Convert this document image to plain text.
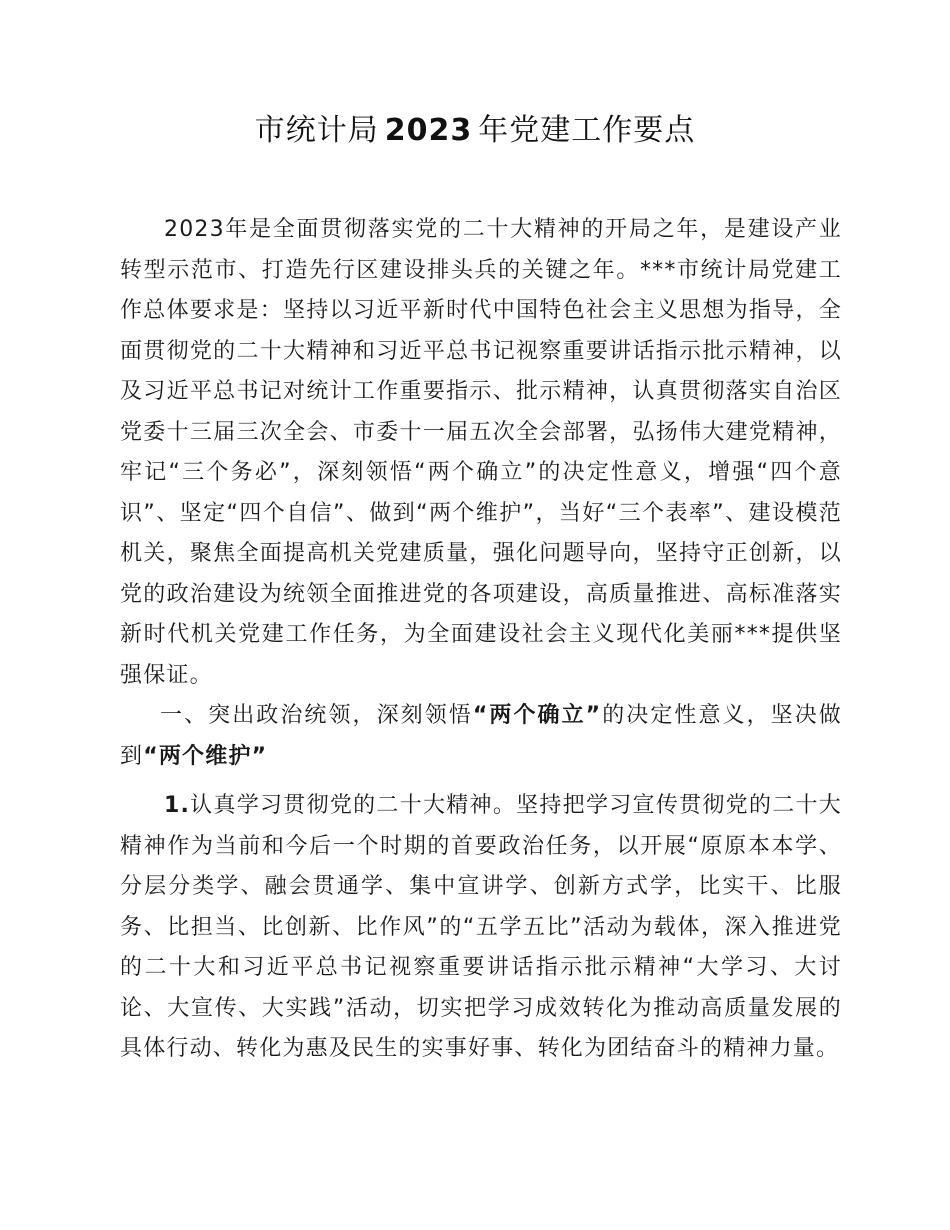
市统计局 2023 年党建工作要点

2023年是全面贯彻落实党的二十大精神的开局之年，是建设产业转型示范市、打造先行区建设排头兵的关键之年。***市统计局党建工作总体要求是：坚持以习近平新时代中国特色社会主义思想为指导，全面贯彻党的二十大精神和习近平总书记视察重要讲话指示批示精神，以及习近平总书记对统计工作重要指示、批示精神，认真贯彻落实自治区党委十三届三次全会、市委十一届五次全会部署，弘扬伟大建党精神，牢记“三个务必”，深刻领悟“两个确立”的决定性意义，增强“四个意识”、坚定“四个自信”、做到“两个维护”，当好“三个表率”、建设模范机关，聚焦全面提高机关党建质量，强化问题导向，坚持守正创新，以党的政治建设为统领全面推进党的各项建设，高质量推进、高标准落实新时代机关党建工作任务，为全面建设社会主义现代化美丽***提供坚强保证。

一、突出政治统领，深刻领悟“两个确立”的决定性意义，坚决做到“两个维护”

1.认真学习贯彻党的二十大精神。坚持把学习宣传贯彻党的二十大精神作为当前和今后一个时期的首要政治任务，以开展“原原本本学、分层分类学、融会贯通学、集中宣讲学、创新方式学，比实干、比服务、比担当、比创新、比作风”的“五学五比”活动为载体，深入推进党的二十大和习近平总书记视察重要讲话指示批示精神“大学习、大讨论、大宣传、大实践”活动，切实把学习成效转化为推动高质量发展的具体行动、转化为惠及民生的实事好事、转化为团结奋斗的精神力量。
